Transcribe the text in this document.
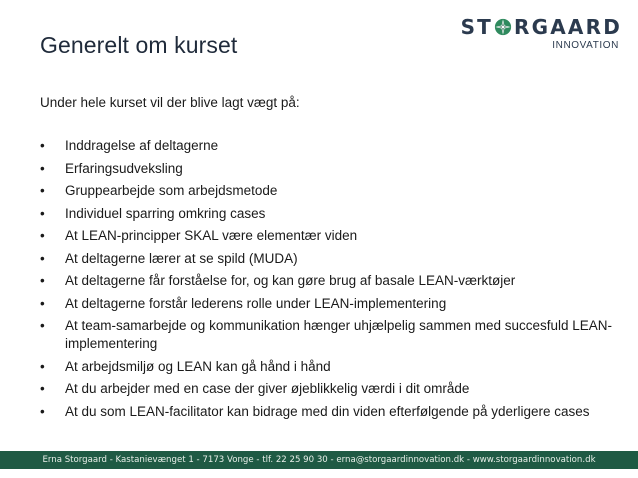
Generelt om kurset
ST RGAARD
INNOVATION
Under hele kurset vil der blive lagt vægt på:
• Inddragelse af deltagerne
• Erfaringsudveksling
• Gruppearbejde som arbejdsmetode
• Individuel sparring omkring cases
• At LEAN-principper SKAL være elementær viden
• At deltagerne lærer at se spild (MUDA)
• At deltagerne får forståelse for, og kan gøre brug af basale LEAN-værktøjer
• At deltagerne forstår lederens rolle under LEAN-implementering
• At team-samarbejde og kommunikation hænger uhjælpelig sammen med succesfuld LEAN-implementering
• At arbejdsmiljø og LEAN kan gå hånd i hånd
• At du arbejder med en case der giver øjeblikkelig værdi i dit område
• At du som LEAN-facilitator kan bidrage med din viden efterfølgende på yderligere cases
Erna Storgaard - Kastanievænget 1 - 7173 Vonge - tlf. 22 25 90 30 - erna@storgaardinnovation.dk - www.storgaardinnovation.dk
